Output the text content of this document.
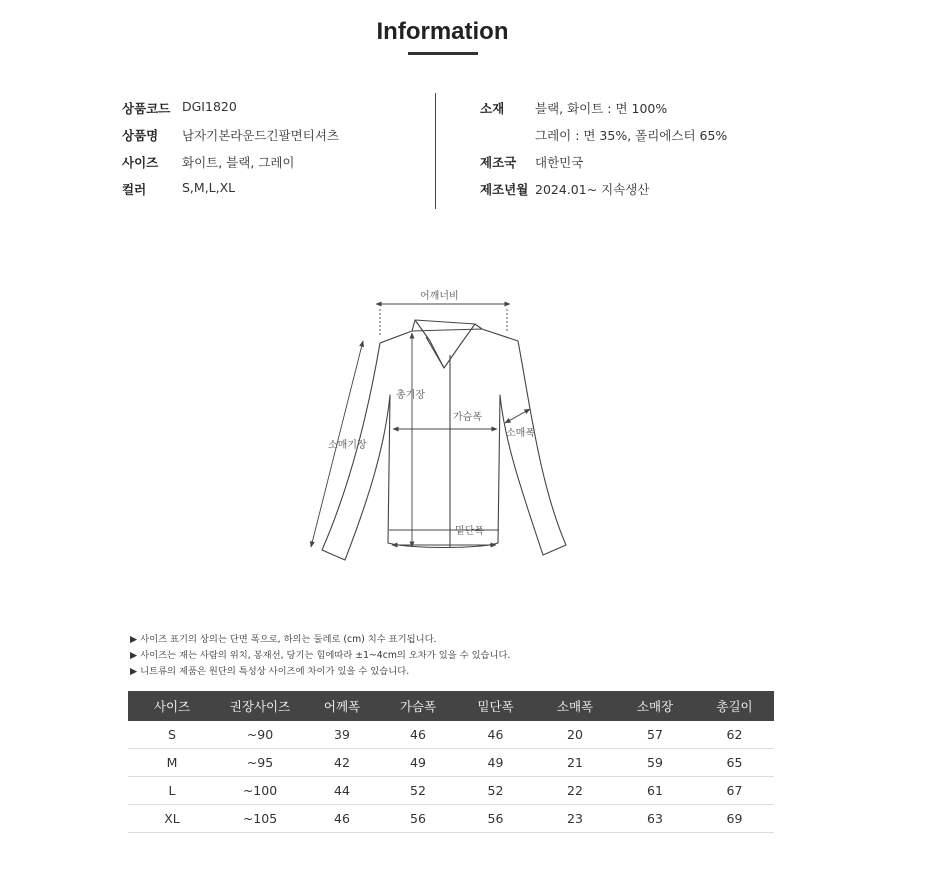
Information
상품코드 DGI1820
상품명	남자기본라운드긴팔면티셔츠
사이즈	화이트, 블랙, 그레이
컬러	S,M,L,XL
소재	블랙, 화이트 : 면 100%
그레이 : 면 35%, 폴리에스터 65%
제조국	대한민국
제조년월 2024.01~ 지속생산
어깨너비
총기장
가슴폭
소매폭
소매기장
밑단폭
▶ 사이즈 표기의 상의는 단면 폭으로, 하의는 둘레로 (cm) 치수 표기됩니다.
▶ 사이즈는 재는 사람의 위치, 봉재선, 당기는 힘에따라 ±1~4cm의 오차가 있을 수 있습니다.
▶ 니트류의 제품은 원단의 특성상 사이즈에 차이가 있을 수 있습니다.
사이즈	권장사이즈	어께폭	가슴폭	밑단폭	소매폭	소매장	총길이
S	~90	39	46	46	20	57	62
M	~95	42	49	49	21	59	65
L	~100	44	52	52	22	61	67
XL	~105	46	56	56	23	63	69
